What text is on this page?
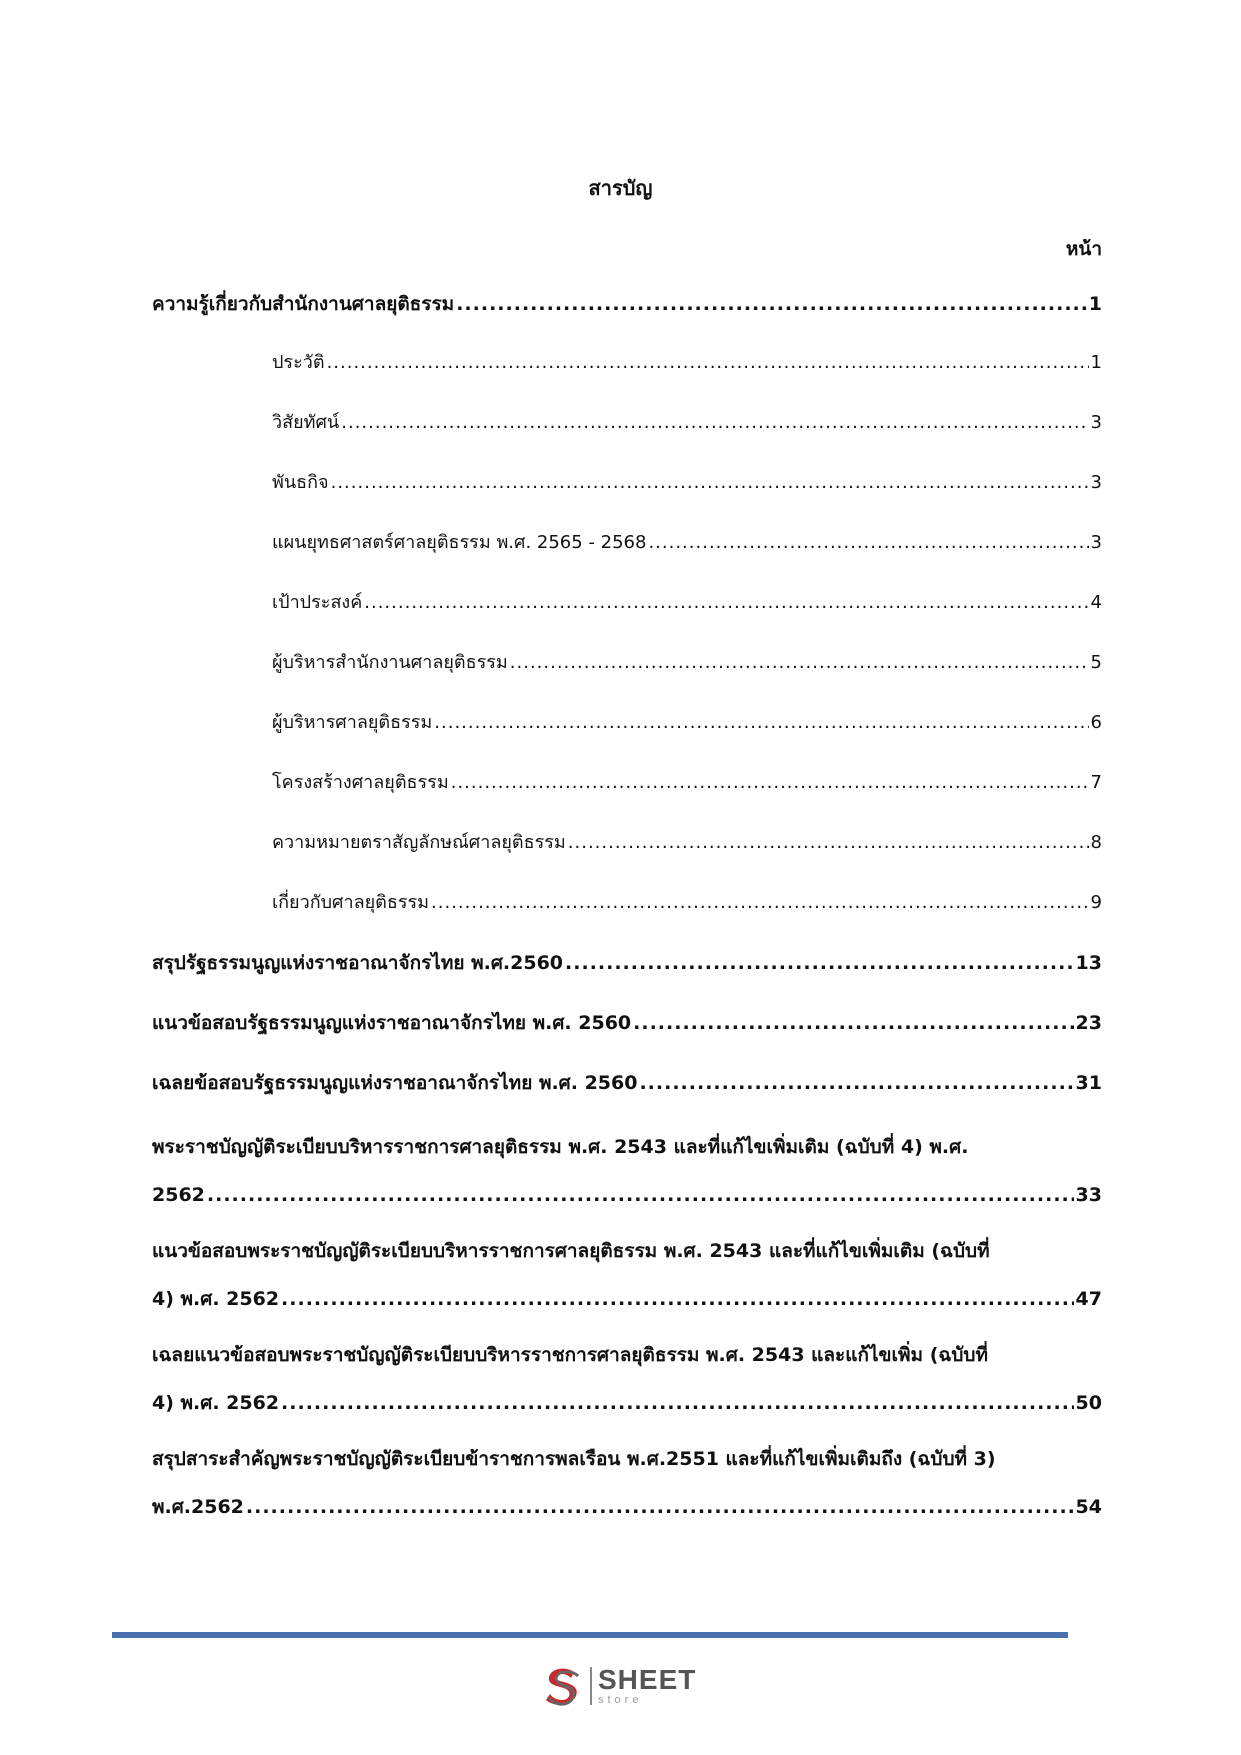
สารบัญ
หน้า
ความรู้เกี่ยวกับสำนักงานศาลยุติธรรม .....	1
ประวัติ .....	1
วิสัยทัศน์ .....	3
พันธกิจ .....	3
แผนยุทธศาสตร์ศาลยุติธรรม พ.ศ. 2565 - 2568 .....	3
เป้าประสงค์ .....	4
ผู้บริหารสำนักงานศาลยุติธรรม .....	5
ผู้บริหารศาลยุติธรรม .....	6
โครงสร้างศาลยุติธรรม .....	7
ความหมายตราสัญลักษณ์ศาลยุติธรรม .....	8
เกี่ยวกับศาลยุติธรรม .....	9
สรุปรัฐธรรมนูญแห่งราชอาณาจักรไทย พ.ศ.2560 .....	13
แนวข้อสอบรัฐธรรมนูญแห่งราชอาณาจักรไทย พ.ศ. 2560 .....	23
เฉลยข้อสอบรัฐธรรมนูญแห่งราชอาณาจักรไทย พ.ศ. 2560 .....	31
พระราชบัญญัติระเบียบบริหารราชการศาลยุติธรรม พ.ศ. 2543 และที่แก้ไขเพิ่มเติม (ฉบับที่ 4) พ.ศ.
2562 .....	33
แนวข้อสอบพระราชบัญญัติระเบียบบริหารราชการศาลยุติธรรม พ.ศ. 2543 และที่แก้ไขเพิ่มเติม (ฉบับที่
4) พ.ศ. 2562 .....	47
เฉลยแนวข้อสอบพระราชบัญญัติระเบียบบริหารราชการศาลยุติธรรม พ.ศ. 2543 และแก้ไขเพิ่ม (ฉบับที่
4) พ.ศ. 2562 .....	50
สรุปสาระสำคัญพระราชบัญญัติระเบียบข้าราชการพลเรือน พ.ศ.2551 และที่แก้ไขเพิ่มเติมถึง (ฉบับที่ 3)
พ.ศ.2562 .....	54
SHEET
store
